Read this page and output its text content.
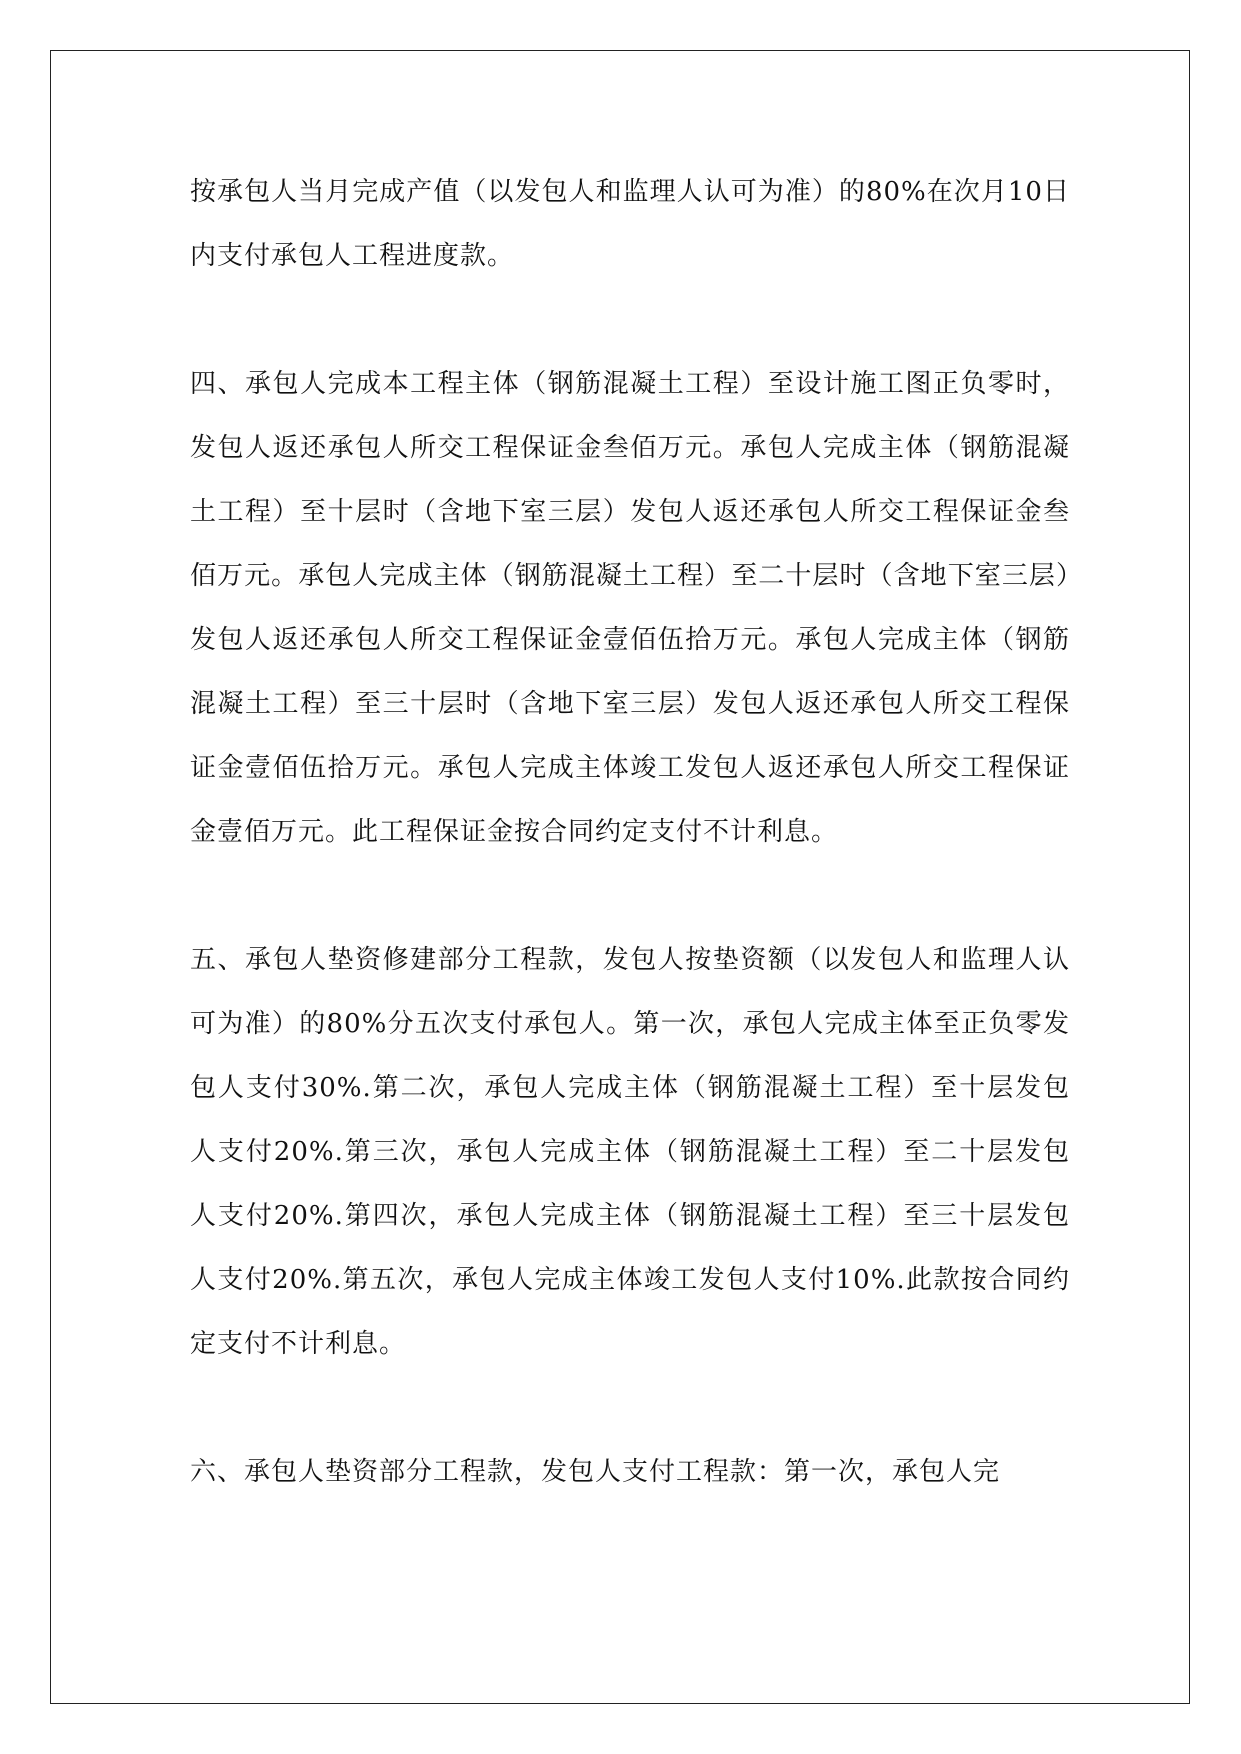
按承包人当月完成产值（以发包人和监理人认可为准）的80%在次月10日内支付承包人工程进度款。

四、承包人完成本工程主体（钢筋混凝土工程）至设计施工图正负零时，发包人返还承包人所交工程保证金叁佰万元。承包人完成主体（钢筋混凝土工程）至十层时（含地下室三层）发包人返还承包人所交工程保证金叁佰万元。承包人完成主体（钢筋混凝土工程）至二十层时（含地下室三层）发包人返还承包人所交工程保证金壹佰伍拾万元。承包人完成主体（钢筋混凝土工程）至三十层时（含地下室三层）发包人返还承包人所交工程保证金壹佰伍拾万元。承包人完成主体竣工发包人返还承包人所交工程保证金壹佰万元。此工程保证金按合同约定支付不计利息。

五、承包人垫资修建部分工程款，发包人按垫资额（以发包人和监理人认可为准）的80%分五次支付承包人。第一次，承包人完成主体至正负零发包人支付30%.第二次，承包人完成主体（钢筋混凝土工程）至十层发包人支付20%.第三次，承包人完成主体（钢筋混凝土工程）至二十层发包人支付20%.第四次，承包人完成主体（钢筋混凝土工程）至三十层发包人支付20%.第五次，承包人完成主体竣工发包人支付10%.此款按合同约定支付不计利息。

六、承包人垫资部分工程款，发包人支付工程款：第一次，承包人完
